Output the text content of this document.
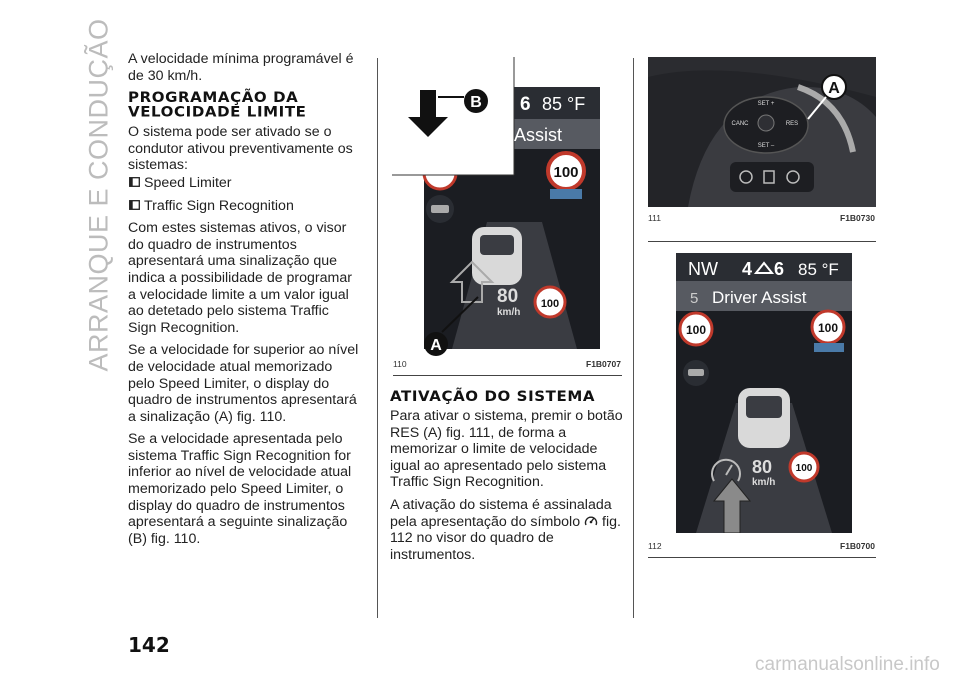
ARRANQUE E CONDUÇÃO A velocidade mínima programável é de 30 km/h.

PROGRAMAÇÃO DA VELOCIDADE LIMITE

O sistema pode ser ativado se o condutor ativou preventivamente os sistemas:

Speed Limiter

Traffic Sign Recognition

Com estes sistemas ativos, o visor do quadro de instrumentos apresentará uma sinalização que indica a possibilidade de programar a velocidade limite a um valor igual ao detetado pelo sistema Traffic Sign Recognition.

Se a velocidade for superior ao nível de velocidade atual memorizado pelo Speed Limiter, o display do quadro de instrumentos apresentará a sinalização (A) fig. 110.

Se a velocidade apresentada pelo sistema Traffic Sign Recognition for inferior ao nível de velocidade atual memorizado pelo Speed Limiter, o display do quadro de instrumentos apresentará a seguinte sinalização (B) fig. 110.

B
A
6 85 °F
Assist
100
80
km/h
100
110	F1B0707
ATIVAÇÃO DO SISTEMA

Para ativar o sistema, premir o botão RES (A) fig. 111, de forma a memorizar o limite de velocidade igual ao apresentado pelo sistema Traffic Sign Recognition.

A ativação do sistema é assinalada pela apresentação do símbolo fig. 112 no visor do quadro de instrumentos.

SET +
CANC	RES
SET –
A
111	F1B0730
NW 4 6 85 °F
5 Driver Assist
100	100
80
km/h
100
112	F1B0700
142
carmanualsonline.info
